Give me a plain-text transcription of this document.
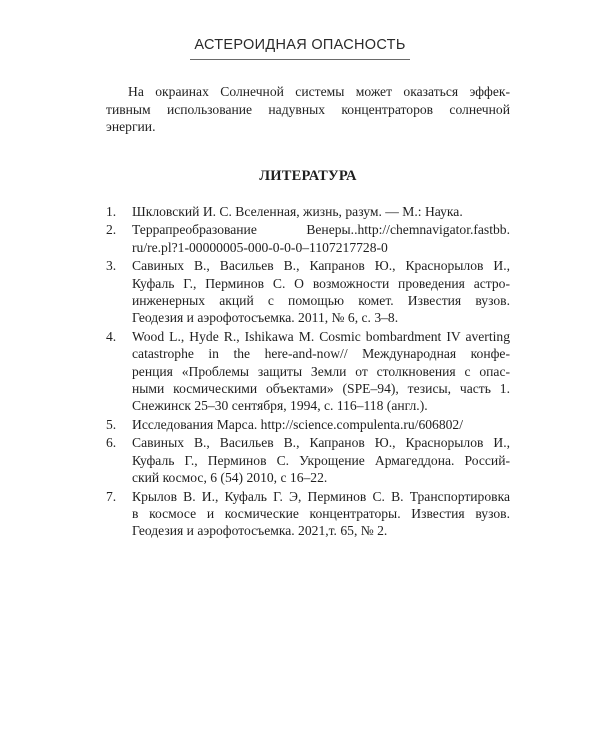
АСТЕРОИДНАЯ ОПАСНОСТЬ

На окраинах Солнечной системы может оказаться эффек-
тивным использование надувных концентраторов солнечной
энергии.

ЛИТЕРАТУРА
1. Шкловский И. С. Вселенная, жизнь, разум. — М.: Наука.
2. Террапреобразование Венеры..http://chemnavigator.fastbb.
ru/re.pl?1-00000005-000-0-0-0–1107217728-0
3. Савиных В., Васильев В., Капранов Ю., Красноpылов И.,
Куфаль Г., Перминов С. О возможности проведения астро-
инженерных акций с помощью комет. Известия вузов.
Геодезия и аэрофотосъемка. 2011, № 6, с. 3–8.
4. Wood L., Hyde R., Ishikawa M. Cosmic bombardment IV averting
catastrophe in the here-and-now// Международная конфе-
ренция «Проблемы защиты Земли от столкновения с опас-
ными космическими объектами» (SPE–94), тезисы, часть 1.
Снежинск 25–30 сентября, 1994, с. 116–118 (англ.).
5. Исследования Марса. http://science.compulenta.ru/606802/
6. Савиных В., Васильев В., Капранов Ю., Красноpылов И.,
Куфаль Г., Перминов С. Укрощение Армагеддона. Россий-
ский космос, 6 (54) 2010, с 16–22.
7. Крылов В. И., Куфаль Г. Э, Перминов С. В. Транспортировка
в космосе и космические концентраторы. Известия вузов.
Геодезия и аэрофотосъемка. 2021,т. 65, № 2.
